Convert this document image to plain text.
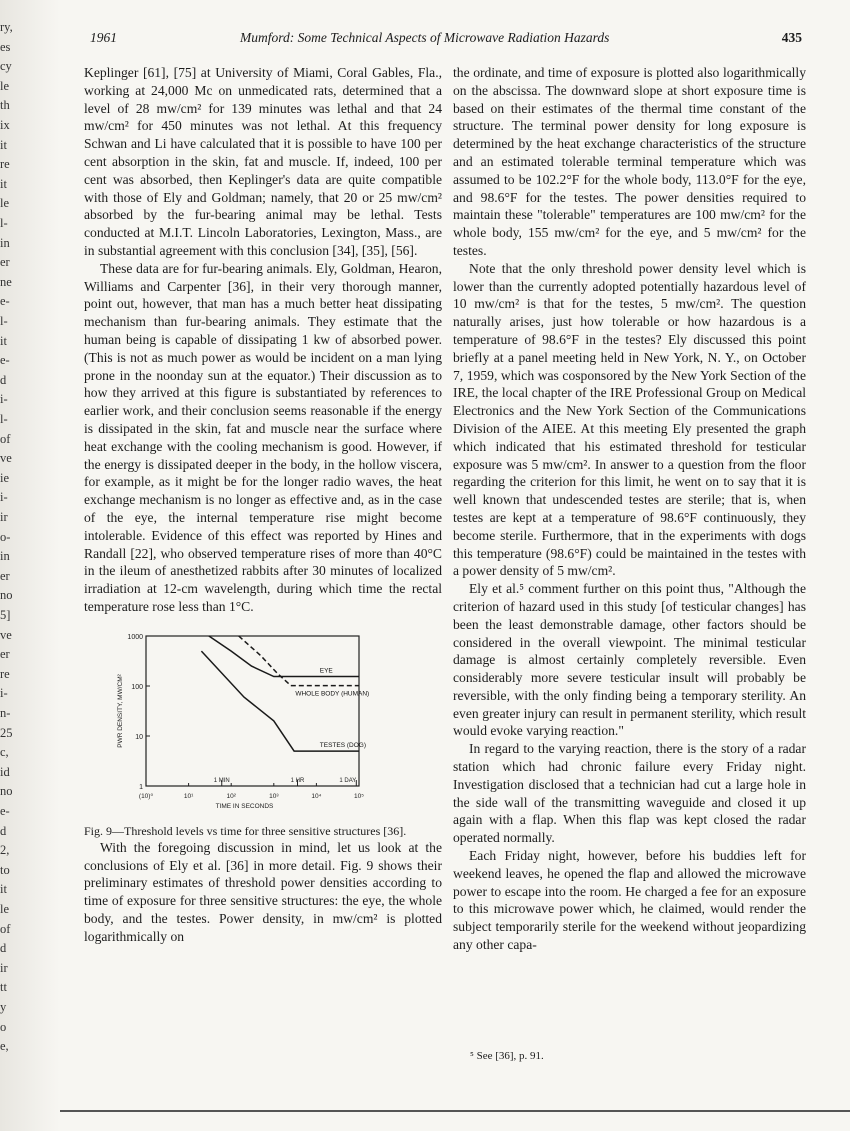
ry,
es
cy
le
th
ix
it
re
it
le
l-
in
er
ne
e-
l-
it
e-
d
i-
l-
of
ve
ie
i-
ir
o-
in
er
no
5]
ve
er
re
i-
n-
25
c,
id
no
e-
d
2,
to
it
le
of
d
ir
tt
y
o
e,
1961	Mumford: Some Technical Aspects of Microwave Radiation Hazards	435

Keplinger [61], [75] at University of Miami, Coral Gables, Fla., working at 24,000 Mc on unmedicated rats, determined that a level of 28 mw/cm² for 139 minutes was lethal and that 24 mw/cm² for 450 minutes was not lethal. At this frequency Schwan and Li have calculated that it is possible to have 100 per cent absorption in the skin, fat and muscle. If, indeed, 100 per cent was absorbed, then Keplinger's data are quite compatible with those of Ely and Goldman; namely, that 20 or 25 mw/cm² absorbed by the fur-bearing animal may be lethal. Tests conducted at M.I.T. Lincoln Laboratories, Lexington, Mass., are in substantial agreement with this conclusion [34], [35], [56].

These data are for fur-bearing animals. Ely, Goldman, Hearon, Williams and Carpenter [36], in their very thorough manner, point out, however, that man has a much better heat dissipating mechanism than fur-bearing animals. They estimate that the human being is capable of dissipating 1 kw of absorbed power. (This is not as much power as would be incident on a man lying prone in the noonday sun at the equator.) Their discussion as to how they arrived at this figure is substantiated by references to earlier work, and their conclusion seems reasonable if the energy is dissipated in the skin, fat and muscle near the surface where heat exchange with the cooling mechanism is good. However, if the energy is dissipated deeper in the body, in the hollow viscera, for example, as it might be for the longer radio waves, the heat exchange mechanism is no longer as effective and, as in the case of the eye, the internal temperature rise might become intolerable. Evidence of this effect was reported by Hines and Randall [22], who observed temperature rises of more than 40°C in the ileum of anesthetized rabbits after 30 minutes of localized irradiation at 12-cm wavelength, during which time the rectal temperature rose less than 1°C.

1000
100
10
1
(10)⁰	10¹	10²	10³	10⁴	10⁵
TIME IN SECONDS
PWR DENSITY, MW/CM²
1 MIN	1 HR	1 DAY
EYE
WHOLE BODY (HUMAN)
TESTES (DOG)

Fig. 9—Threshold levels vs time for three sensitive structures [36].

With the foregoing discussion in mind, let us look at the conclusions of Ely et al. [36] in more detail. Fig. 9 shows their preliminary estimates of threshold power densities according to time of exposure for three sensitive structures: the eye, the whole body, and the testes. Power density, in mw/cm² is plotted logarithmically on

the ordinate, and time of exposure is plotted also logarithmically on the abscissa. The downward slope at short exposure time is based on their estimates of the thermal time constant of the structure. The terminal power density for long exposure is determined by the heat exchange characteristics of the structure and an estimated tolerable terminal temperature which was assumed to be 102.2°F for the whole body, 113.0°F for the eye, and 98.6°F for the testes. The power densities required to maintain these "tolerable" temperatures are 100 mw/cm² for the whole body, 155 mw/cm² for the eye, and 5 mw/cm² for the testes.

Note that the only threshold power density level which is lower than the currently adopted potentially hazardous level of 10 mw/cm² is that for the testes, 5 mw/cm². The question naturally arises, just how tolerable or how hazardous is a temperature of 98.6°F in the testes? Ely discussed this point briefly at a panel meeting held in New York, N. Y., on October 7, 1959, which was cosponsored by the New York Section of the IRE, the local chapter of the IRE Professional Group on Medical Electronics and the New York Section of the Communications Division of the AIEE. At this meeting Ely presented the graph which indicated that his estimated threshold for testicular exposure was 5 mw/cm². In answer to a question from the floor regarding the criterion for this limit, he went on to say that it is well known that undescended testes are sterile; that is, when testes are kept at a temperature of 98.6°F continuously, they become sterile. Furthermore, that in the experiments with dogs this temperature (98.6°F) could be maintained in the testes with a power density of 5 mw/cm².

Ely et al.⁵ comment further on this point thus, "Although the criterion of hazard used in this study [of testicular changes] has been the least demonstrable damage, other factors should be considered in the overall viewpoint. The minimal testicular damage is almost certainly completely reversible. Even considerably more severe testicular insult will probably be reversible, with the only finding being a temporary sterility. An even greater injury can result in permanent sterility, which result would evoke varying reaction."

In regard to the varying reaction, there is the story of a radar station which had chronic failure every Friday night. Investigation disclosed that a technician had cut a large hole in the side wall of the transmitting waveguide and closed it up again with a flap. When this flap was kept closed the radar operated normally.

Each Friday night, however, before his buddies left for weekend leaves, he opened the flap and allowed the microwave power to escape into the room. He charged a fee for an exposure to this microwave power which, he claimed, would render the subject temporarily sterile for the weekend without jeopardizing any other capa-

⁵ See [36], p. 91.
